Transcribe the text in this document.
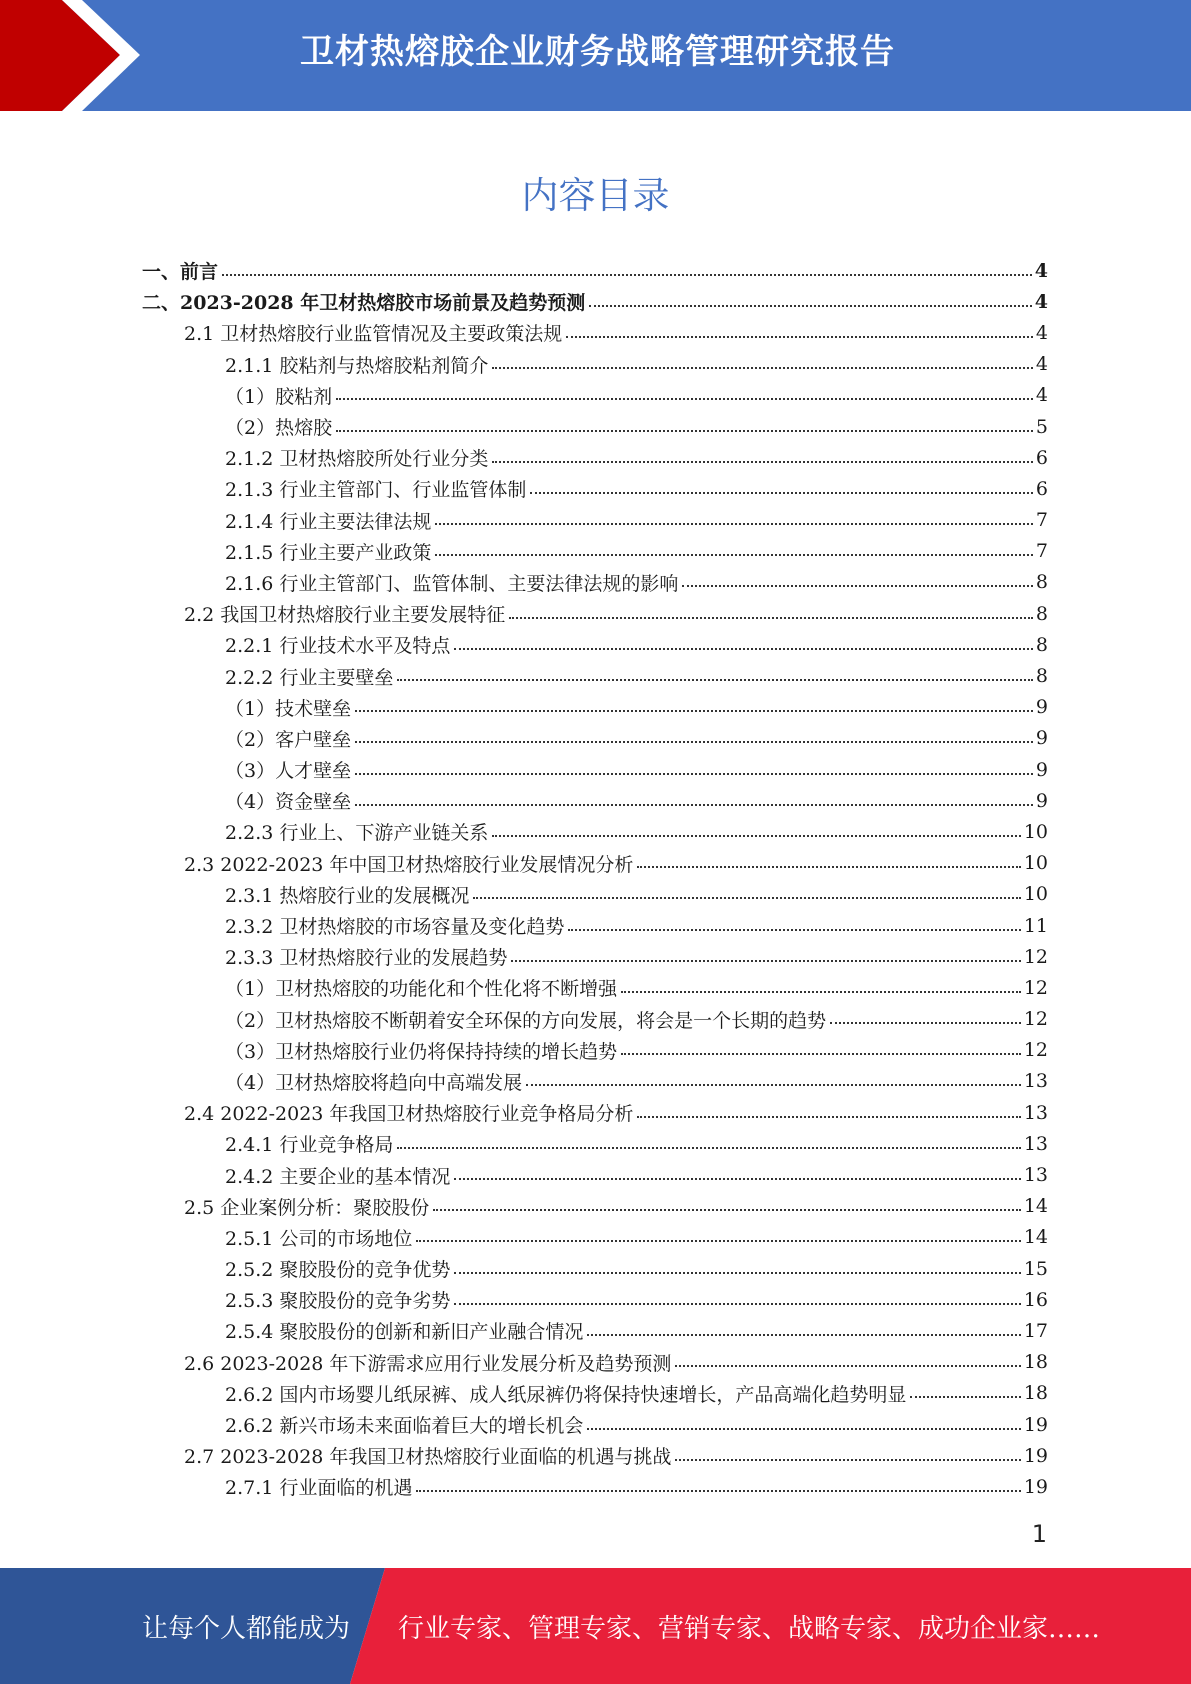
卫材热熔胶企业财务战略管理研究报告
内容目录
一、前言	4
二、2023-2028 年卫材热熔胶市场前景及趋势预测	4
2.1 卫材热熔胶行业监管情况及主要政策法规	4
2.1.1 胶粘剂与热熔胶粘剂简介	4
（1）胶粘剂	4
（2）热熔胶	5
2.1.2 卫材热熔胶所处行业分类	6
2.1.3 行业主管部门、行业监管体制	6
2.1.4 行业主要法律法规	7
2.1.5 行业主要产业政策	7
2.1.6 行业主管部门、监管体制、主要法律法规的影响	8
2.2 我国卫材热熔胶行业主要发展特征	8
2.2.1 行业技术水平及特点	8
2.2.2 行业主要壁垒	8
（1）技术壁垒	9
（2）客户壁垒	9
（3）人才壁垒	9
（4）资金壁垒	9
2.2.3 行业上、下游产业链关系	10
2.3 2022-2023 年中国卫材热熔胶行业发展情况分析	10
2.3.1 热熔胶行业的发展概况	10
2.3.2 卫材热熔胶的市场容量及变化趋势	11
2.3.3 卫材热熔胶行业的发展趋势	12
（1）卫材热熔胶的功能化和个性化将不断增强	12
（2）卫材热熔胶不断朝着安全环保的方向发展，将会是一个长期的趋势	12
（3）卫材热熔胶行业仍将保持持续的增长趋势	12
（4）卫材热熔胶将趋向中高端发展	13
2.4 2022-2023 年我国卫材热熔胶行业竞争格局分析	13
2.4.1 行业竞争格局	13
2.4.2 主要企业的基本情况	13
2.5 企业案例分析：聚胶股份	14
2.5.1 公司的市场地位	14
2.5.2 聚胶股份的竞争优势	15
2.5.3 聚胶股份的竞争劣势	16
2.5.4 聚胶股份的创新和新旧产业融合情况	17
2.6 2023-2028 年下游需求应用行业发展分析及趋势预测	18
2.6.2 国内市场婴儿纸尿裤、成人纸尿裤仍将保持快速增长，产品高端化趋势明显	18
2.6.2 新兴市场未来面临着巨大的增长机会	19
2.7 2023-2028 年我国卫材热熔胶行业面临的机遇与挑战	19
2.7.1 行业面临的机遇	19
1
让每个人都能成为 行业专家、管理专家、营销专家、战略专家、成功企业家……
